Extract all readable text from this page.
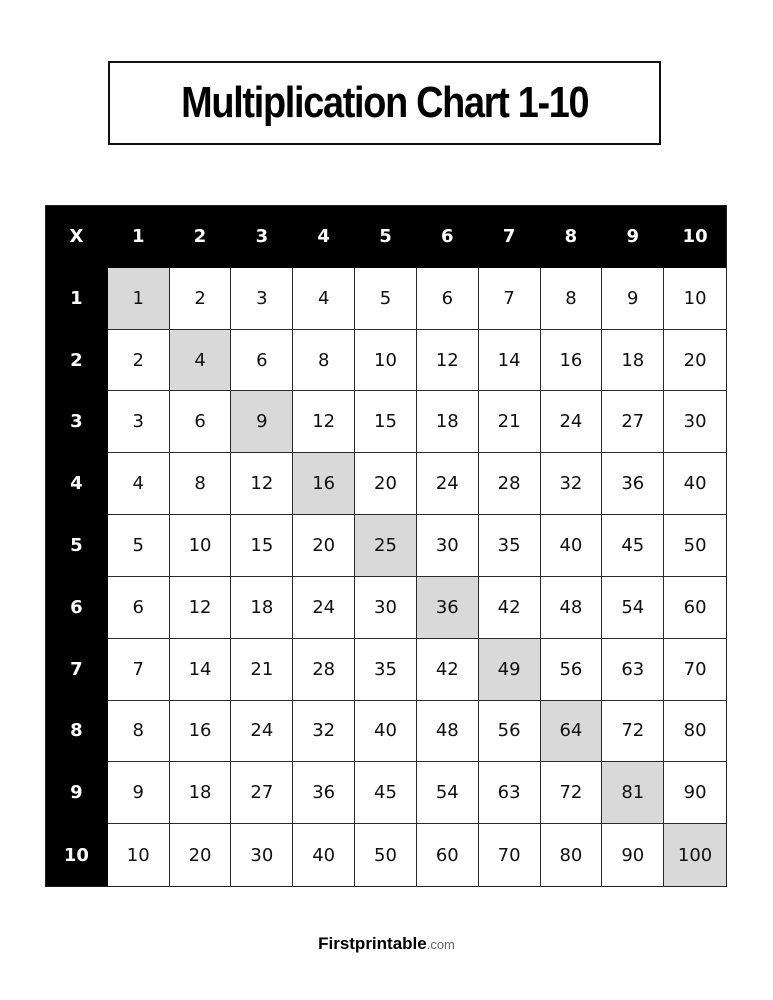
Multiplication Chart 1-10
X	1	2	3	4	5	6	7	8	9	10
1	1	2	3	4	5	6	7	8	9	10
2	2	4	6	8	10	12	14	16	18	20
3	3	6	9	12	15	18	21	24	27	30
4	4	8	12	16	20	24	28	32	36	40
5	5	10	15	20	25	30	35	40	45	50
6	6	12	18	24	30	36	42	48	54	60
7	7	14	21	28	35	42	49	56	63	70
8	8	16	24	32	40	48	56	64	72	80
9	9	18	27	36	45	54	63	72	81	90
10	10	20	30	40	50	60	70	80	90	100
Firstprintable.com
